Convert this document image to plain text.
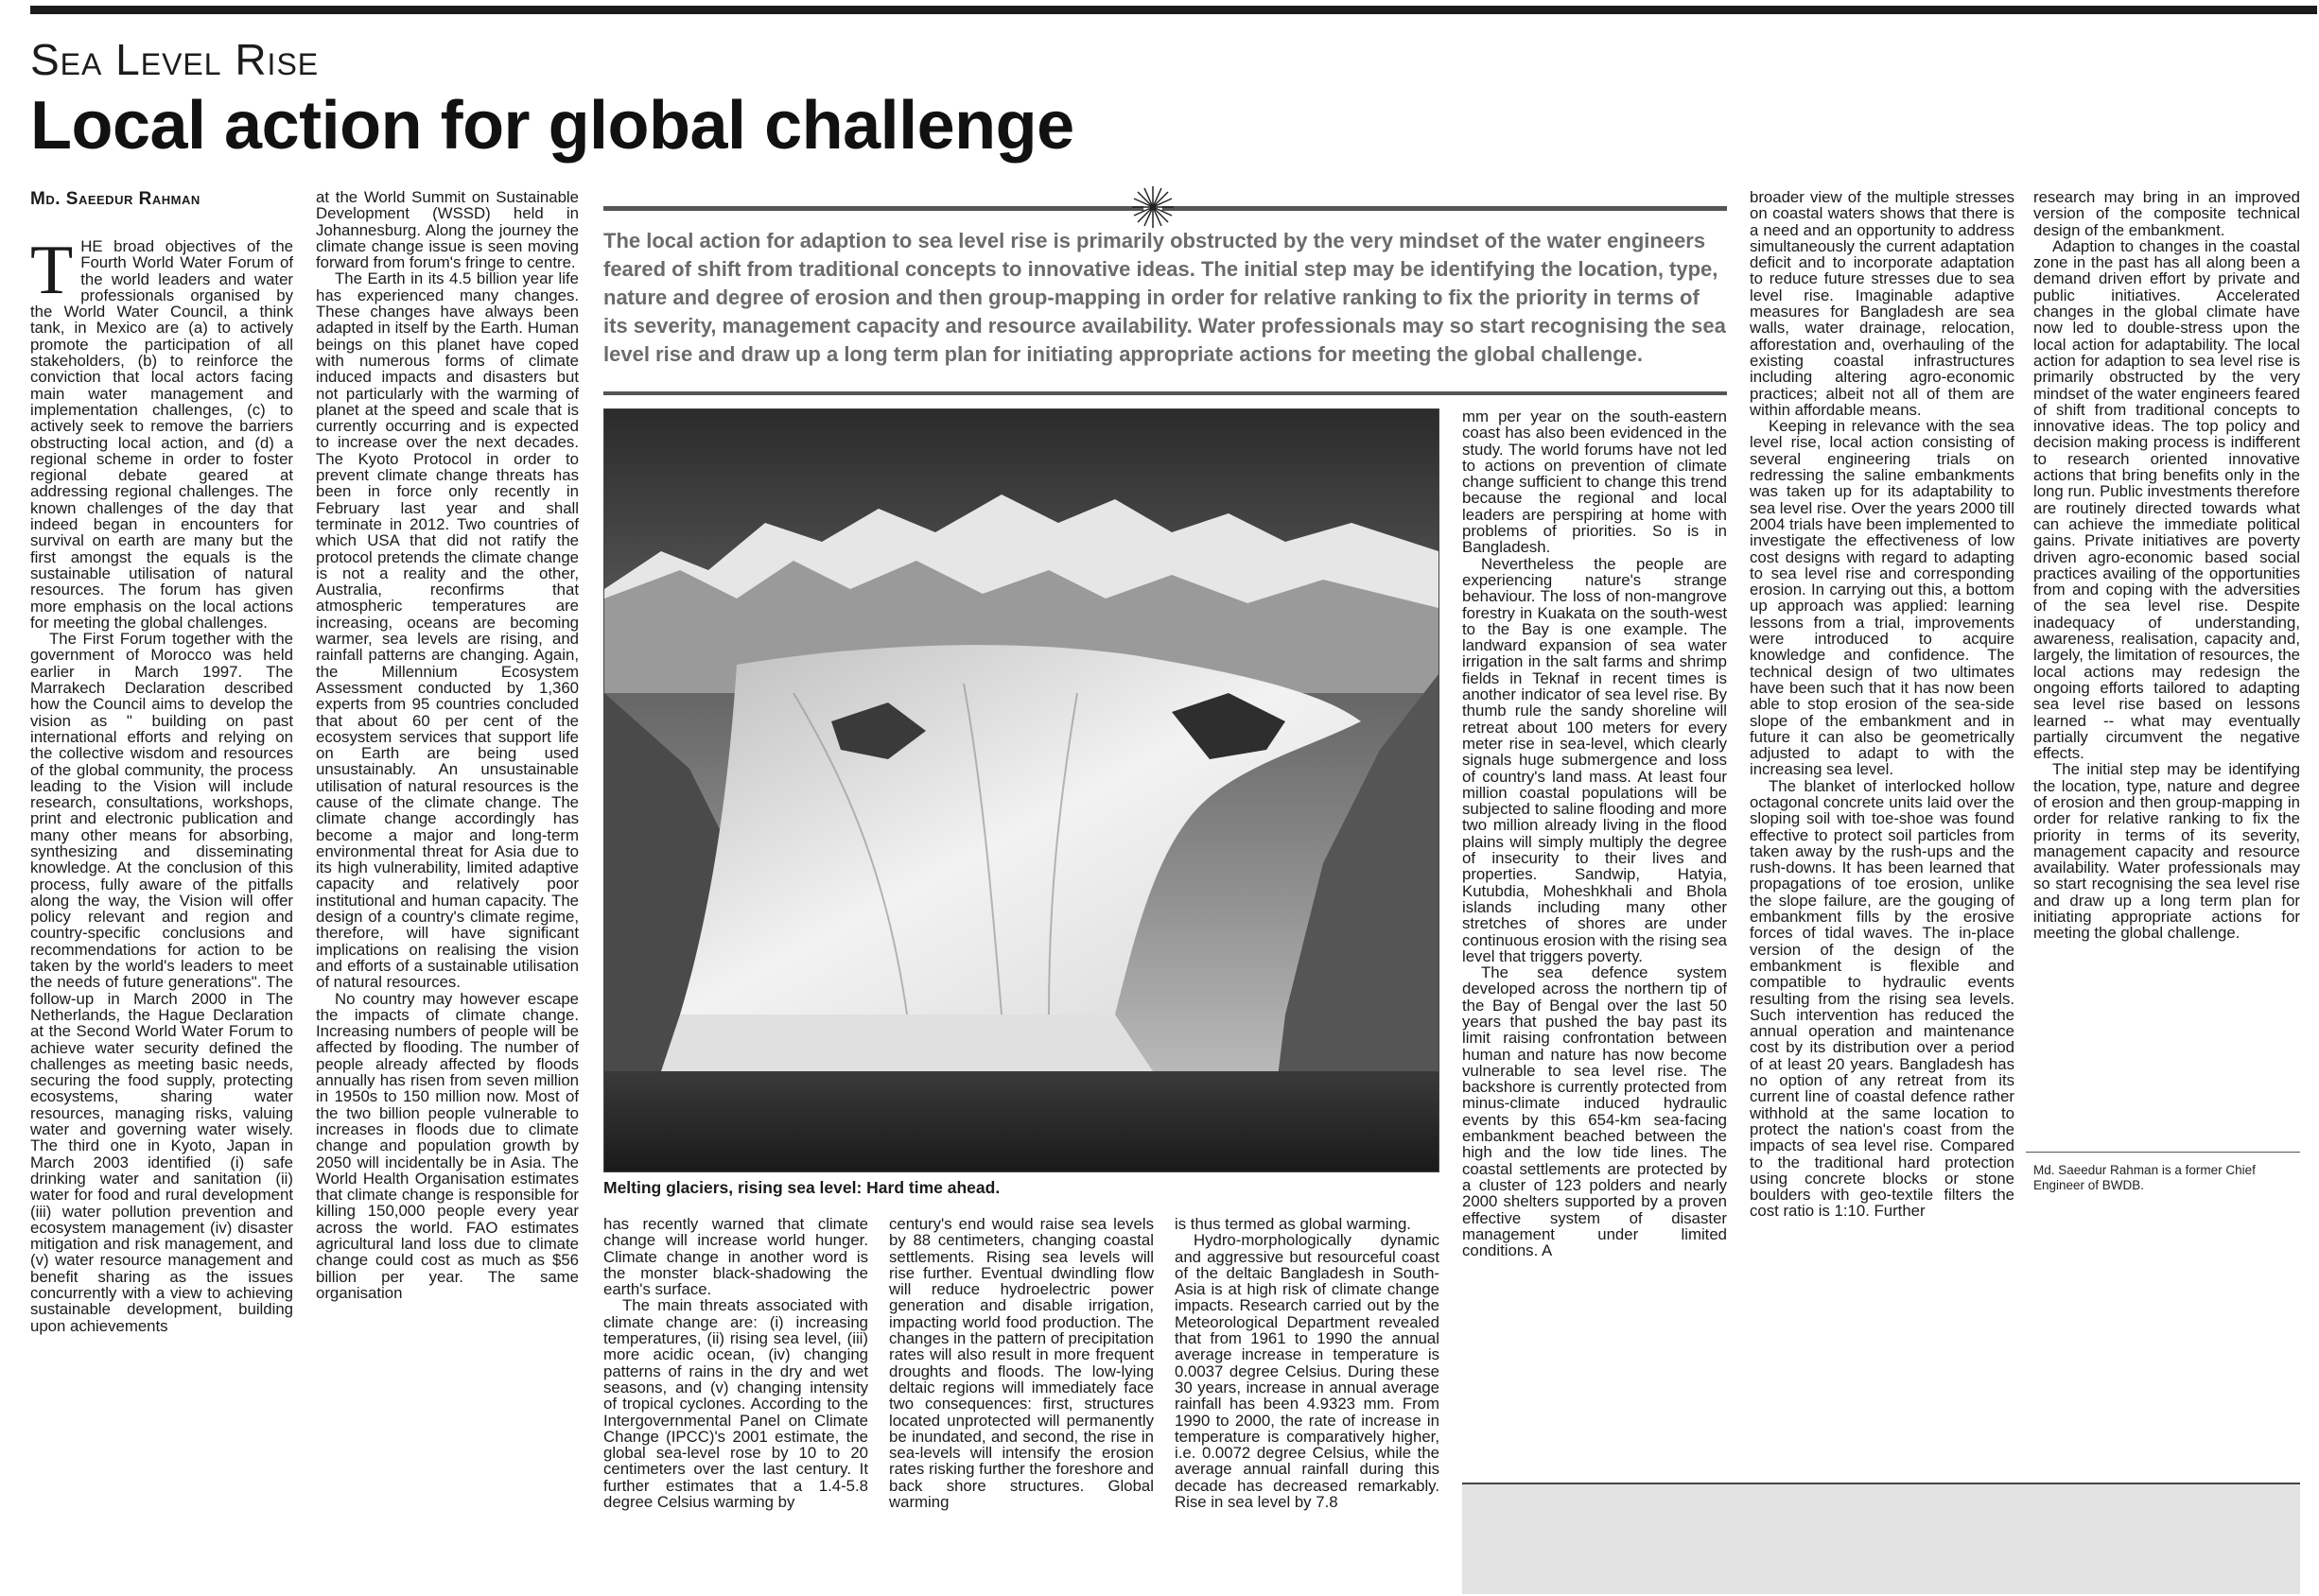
Sea Level Rise
Local action for global challenge
Md. Saeedur Rahman

THE broad objectives of the Fourth World Water Forum of the world leaders and water professionals organised by the World Water Council, a think tank, in Mexico are (a) to actively promote the participation of all stakeholders, (b) to reinforce the conviction that local actors facing main water management and implementation challenges, (c) to actively seek to remove the barriers obstructing local action, and (d) a regional scheme in order to foster regional debate geared at addressing regional challenges. The known challenges of the day that indeed began in encounters for survival on earth are many but the first amongst the equals is the sustainable utilisation of natural resources. The forum has given more emphasis on the local actions for meeting the global challenges.

The First Forum together with the government of Morocco was held earlier in March 1997. The Marrakech Declaration described how the Council aims to develop the vision as " building on past international efforts and relying on the collective wisdom and resources of the global community, the process leading to the Vision will include research, consultations, workshops, print and electronic publication and many other means for absorbing, synthesizing and disseminating knowledge. At the conclusion of this process, fully aware of the pitfalls along the way, the Vision will offer policy relevant and region and country-specific conclusions and recommendations for action to be taken by the world's leaders to meet the needs of future generations". The follow-up in March 2000 in The Netherlands, the Hague Declaration at the Second World Water Forum to achieve water security defined the challenges as meeting basic needs, securing the food supply, protecting ecosystems, sharing water resources, managing risks, valuing water and governing water wisely. The third one in Kyoto, Japan in March 2003 identified (i) safe drinking water and sanitation (ii) water for food and rural development (iii) water pollution prevention and ecosystem management (iv) disaster mitigation and risk management, and (v) water resource management and benefit sharing as the issues concurrently with a view to achieving sustainable development, building upon achievements

at the World Summit on Sustainable Development (WSSD) held in Johannesburg. Along the journey the climate change issue is seen moving forward from forum's fringe to centre.

The Earth in its 4.5 billion year life has experienced many changes. These changes have always been adapted in itself by the Earth. Human beings on this planet have coped with numerous forms of climate induced impacts and disasters but not particularly with the warming of planet at the speed and scale that is currently occurring and is expected to increase over the next decades. The Kyoto Protocol in order to prevent climate change threats has been in force only recently in February last year and shall terminate in 2012. Two countries of which USA that did not ratify the protocol pretends the climate change is not a reality and the other, Australia, reconfirms that atmospheric temperatures are increasing, oceans are becoming warmer, sea levels are rising, and rainfall patterns are changing. Again, the Millennium Ecosystem Assessment conducted by 1,360 experts from 95 countries concluded that about 60 per cent of the ecosystem services that support life on Earth are being used unsustainably. An unsustainable utilisation of natural resources is the cause of the climate change. The climate change accordingly has become a major and long-term environmental threat for Asia due to its high vulnerability, limited adaptive capacity and relatively poor institutional and human capacity. The design of a country's climate regime, therefore, will have significant implications on realising the vision and efforts of a sustainable utilisation of natural resources.

No country may however escape the impacts of climate change. Increasing numbers of people will be affected by flooding. The number of people already affected by floods annually has risen from seven million in 1950s to 150 million now. Most of the two billion people vulnerable to increases in floods due to climate change and population growth by 2050 will incidentally be in Asia. The World Health Organisation estimates that climate change is responsible for killing 150,000 people every year across the world. FAO estimates agricultural land loss due to climate change could cost as much as $56 billion per year. The same organisation

The local action for adaption to sea level rise is primarily obstructed by the very mindset of the water engineers feared of shift from traditional concepts to innovative ideas. The initial step may be identifying the location, type, nature and degree of erosion and then group-mapping in order for relative ranking to fix the priority in terms of its severity, management capacity and resource availability. Water professionals may so start recognising the sea level rise and draw up a long term plan for initiating appropriate actions for meeting the global challenge.
Melting glaciers, rising sea level: Hard time ahead.

has recently warned that climate change will increase world hunger. Climate change in another word is the monster black-shadowing the earth's surface.

The main threats associated with climate change are: (i) increasing temperatures, (ii) rising sea level, (iii) more acidic ocean, (iv) changing patterns of rains in the dry and wet seasons, and (v) changing intensity of tropical cyclones. According to the Intergovernmental Panel on Climate Change (IPCC)'s 2001 estimate, the global sea-level rose by 10 to 20 centimeters over the last century. It further estimates that a 1.4-5.8 degree Celsius warming by

century's end would raise sea levels by 88 centimeters, changing coastal settlements. Rising sea levels will rise further. Eventual dwindling flow will reduce hydroelectric power generation and disable irrigation, impacting world food production. The changes in the pattern of precipitation rates will also result in more frequent droughts and floods. The low-lying deltaic regions will immediately face two consequences: first, structures located unprotected will permanently be inundated, and second, the rise in sea-levels will intensify the erosion rates risking further the foreshore and back shore structures. Global warming

is thus termed as global warming.

Hydro-morphologically dynamic and aggressive but resourceful coast of the deltaic Bangladesh in South-Asia is at high risk of climate change impacts. Research carried out by the Meteorological Department revealed that from 1961 to 1990 the annual average increase in temperature is 0.0037 degree Celsius. During these 30 years, increase in annual average rainfall has been 4.9323 mm. From 1990 to 2000, the rate of increase in temperature is comparatively higher, i.e. 0.0072 degree Celsius, while the average annual rainfall during this decade has decreased remarkably. Rise in sea level by 7.8

mm per year on the south-eastern coast has also been evidenced in the study. The world forums have not led to actions on prevention of climate change sufficient to change this trend because the regional and local leaders are perspiring at home with problems of priorities. So is in Bangladesh.

Nevertheless the people are experiencing nature's strange behaviour. The loss of non-mangrove forestry in Kuakata on the south-west to the Bay is one example. The landward expansion of sea water irrigation in the salt farms and shrimp fields in Teknaf in recent times is another indicator of sea level rise. By thumb rule the sandy shoreline will retreat about 100 meters for every meter rise in sea-level, which clearly signals huge submergence and loss of country's land mass. At least four million coastal populations will be subjected to saline flooding and more two million already living in the flood plains will simply multiply the degree of insecurity to their lives and properties. Sandwip, Hatyia, Kutubdia, Moheshkhali and Bhola islands including many other stretches of shores are under continuous erosion with the rising sea level that triggers poverty.

The sea defence system developed across the northern tip of the Bay of Bengal over the last 50 years that pushed the bay past its limit raising confrontation between human and nature has now become vulnerable to sea level rise. The backshore is currently protected from minus-climate induced hydraulic events by this 654-km sea-facing embankment beached between the high and the low tide lines. The coastal settlements are protected by a cluster of 123 polders and nearly 2000 shelters supported by a proven effective system of disaster management under limited conditions. A

broader view of the multiple stresses on coastal waters shows that there is a need and an opportunity to address simultaneously the current adaptation deficit and to incorporate adaptation to reduce future stresses due to sea level rise. Imaginable adaptive measures for Bangladesh are sea walls, water drainage, relocation, afforestation and, overhauling of the existing coastal infrastructures including altering agro-economic practices; albeit not all of them are within affordable means.

Keeping in relevance with the sea level rise, local action consisting of several engineering trials on redressing the saline embankments was taken up for its adaptability to sea level rise. Over the years 2000 till 2004 trials have been implemented to investigate the effectiveness of low cost designs with regard to adapting to sea level rise and corresponding erosion. In carrying out this, a bottom up approach was applied: learning lessons from a trial, improvements were introduced to acquire knowledge and confidence. The technical design of two ultimates have been such that it has now been able to stop erosion of the sea-side slope of the embankment and in future it can also be geometrically adjusted to adapt to with the increasing sea level.

The blanket of interlocked hollow octagonal concrete units laid over the sloping soil with toe-shoe was found effective to protect soil particles from taken away by the rush-ups and the rush-downs. It has been learned that propagations of toe erosion, unlike the slope failure, are the gouging of embankment fills by the erosive forces of tidal waves. The in-place version of the design of the embankment is flexible and compatible to hydraulic events resulting from the rising sea levels. Such intervention has reduced the annual operation and maintenance cost by its distribution over a period of at least 20 years. Bangladesh has no option of any retreat from its current line of coastal defence rather withhold at the same location to protect the nation's coast from the impacts of sea level rise. Compared to the traditional hard protection using concrete blocks or stone boulders with geo-textile filters the cost ratio is 1:10. Further

research may bring in an improved version of the composite technical design of the embankment.

Adaption to changes in the coastal zone in the past has all along been a demand driven effort by private and public initiatives. Accelerated changes in the global climate have now led to double-stress upon the local action for adaptability. The local action for adaption to sea level rise is primarily obstructed by the very mindset of the water engineers feared of shift from traditional concepts to innovative ideas. The top policy and decision making process is indifferent to research oriented innovative actions that bring benefits only in the long run. Public investments therefore are routinely directed towards what can achieve the immediate political gains. Private initiatives are poverty driven agro-economic based social practices availing of the opportunities from and coping with the adversities of the sea level rise. Despite inadequacy of understanding, awareness, realisation, capacity and, largely, the limitation of resources, the local actions may redesign the ongoing efforts tailored to adapting sea level rise based on lessons learned -- what may eventually partially circumvent the negative effects.

The initial step may be identifying the location, type, nature and degree of erosion and then group-mapping in order for relative ranking to fix the priority in terms of its severity, management capacity and resource availability. Water professionals may so start recognising the sea level rise and draw up a long term plan for initiating appropriate actions for meeting the global challenge.

Md. Saeedur Rahman is a former Chief Engineer of BWDB.
